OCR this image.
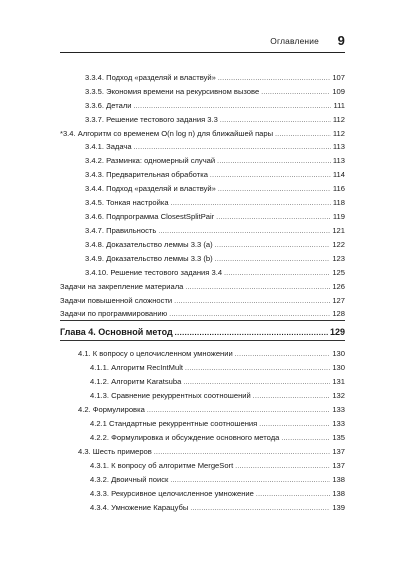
Оглавление 9
3.3.4. Подход «разделяй и властвуй» .....	107
3.3.5. Экономия времени на рекурсивном вызове .....	109
3.3.6. Детали .....	111
3.3.7. Решение тестового задания 3.3 .....	112
*3.4. Алгоритм со временем O(n log n) для ближайшей пары .....	112
3.4.1. Задача .....	113
3.4.2. Разминка: одномерный случай .....	113
3.4.3. Предварительная обработка .....	114
3.4.4. Подход «разделяй и властвуй» .....	116
3.4.5. Тонкая настройка .....	118
3.4.6. Подпрограмма ClosestSplitPair .....	119
3.4.7. Правильность .....	121
3.4.8. Доказательство леммы 3.3 (а) .....	122
3.4.9. Доказательство леммы 3.3 (b) .....	123
3.4.10. Решение тестового задания 3.4 .....	125
Задачи на закрепление материала .....	126
Задачи повышенной сложности .....	127
Задачи по программированию .....	128
Глава 4. Основной метод .....	129
4.1. К вопросу о целочисленном умножении .....	130
4.1.1. Алгоритм RecIntMult .....	130
4.1.2. Алгоритм Karatsuba .....	131
4.1.3. Сравнение рекуррентных соотношений .....	132
4.2. Формулировка .....	133
4.2.1 Стандартные рекуррентные соотношения .....	133
4.2.2. Формулировка и обсуждение основного метода .....	135
4.3. Шесть примеров .....	137
4.3.1. К вопросу об алгоритме MergeSort .....	137
4.3.2. Двоичный поиск .....	138
4.3.3. Рекурсивное целочисленное умножение .....	138
4.3.4. Умножение Карацубы .....	139
